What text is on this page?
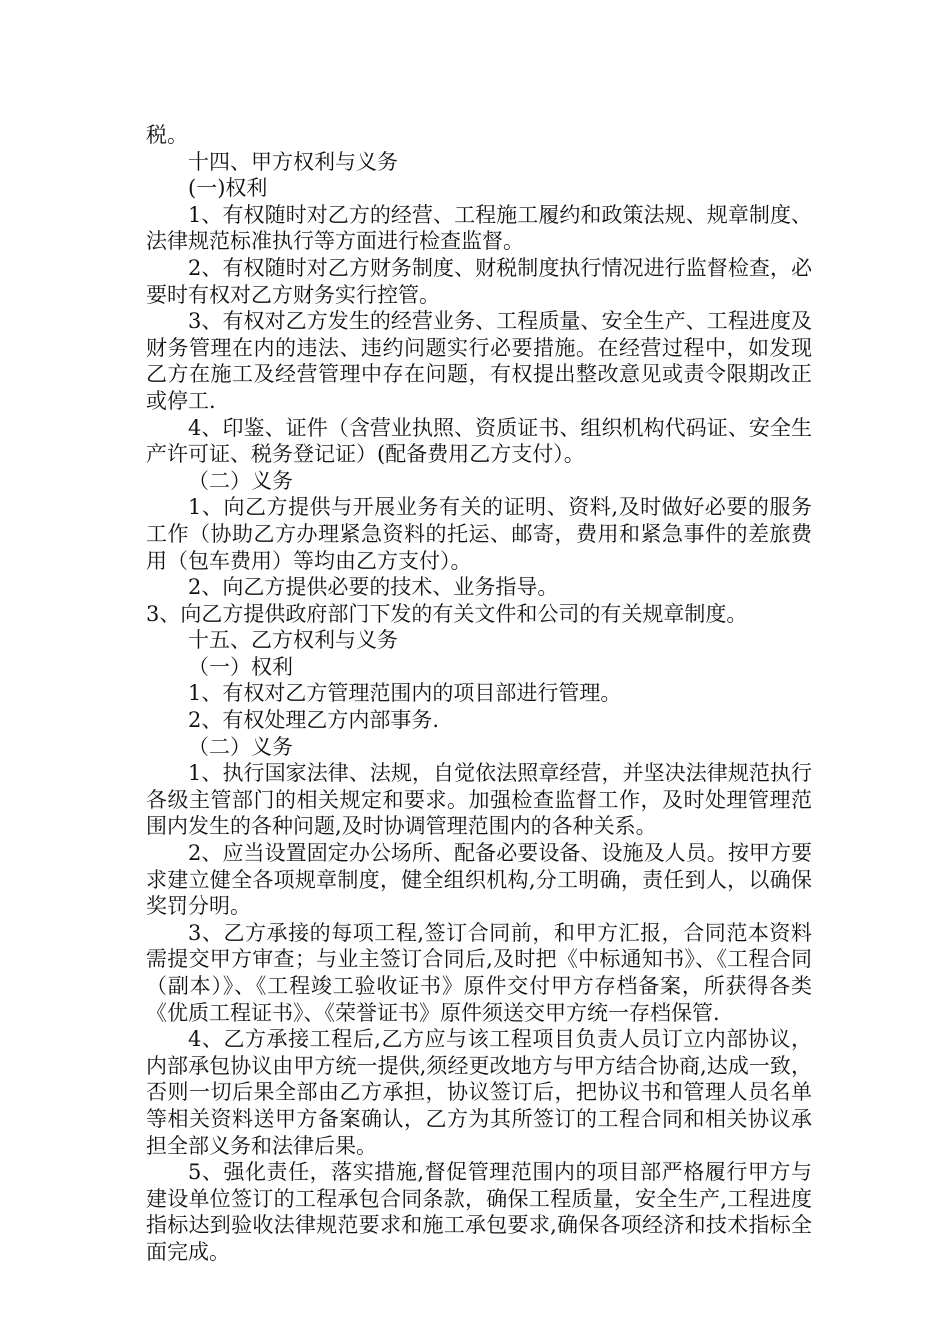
税。

十四、甲方权利与义务

(一)权利

1、有权随时对乙方的经营、工程施工履约和政策法规、规章制度、法律规范标准执行等方面进行检查监督。

2、有权随时对乙方财务制度、财税制度执行情况进行监督检查，必要时有权对乙方财务实行控管。

3、有权对乙方发生的经营业务、工程质量、安全生产、工程进度及财务管理在内的违法、违约问题实行必要措施。在经营过程中，如发现乙方在施工及经营管理中存在问题，有权提出整改意见或责令限期改正或停工.

4、印鉴、证件（含营业执照、资质证书、组织机构代码证、安全生产许可证、税务登记证）(配备费用乙方支付）。

（二）义务

1、向乙方提供与开展业务有关的证明、资料,及时做好必要的服务工作（协助乙方办理紧急资料的托运、邮寄，费用和紧急事件的差旅费用（包车费用）等均由乙方支付）。

2、向乙方提供必要的技术、业务指导。

3、向乙方提供政府部门下发的有关文件和公司的有关规章制度。

十五、乙方权利与义务

（一）权利

1、有权对乙方管理范围内的项目部进行管理。

2、有权处理乙方内部事务.

（二）义务

1、执行国家法律、法规，自觉依法照章经营，并坚决法律规范执行各级主管部门的相关规定和要求。加强检查监督工作，及时处理管理范围内发生的各种问题,及时协调管理范围内的各种关系。

2、应当设置固定办公场所、配备必要设备、设施及人员。按甲方要求建立健全各项规章制度，健全组织机构,分工明确，责任到人，以确保奖罚分明。

3、乙方承接的每项工程,签订合同前，和甲方汇报，合同范本资料需提交甲方审查；与业主签订合同后,及时把《中标通知书》、《工程合同（副本）》、《工程竣工验收证书》原件交付甲方存档备案，所获得各类《优质工程证书》、《荣誉证书》原件须送交甲方统一存档保管.

4、乙方承接工程后,乙方应与该工程项目负责人员订立内部协议，内部承包协议由甲方统一提供,须经更改地方与甲方结合协商,达成一致，否则一切后果全部由乙方承担，协议签订后，把协议书和管理人员名单等相关资料送甲方备案确认，乙方为其所签订的工程合同和相关协议承担全部义务和法律后果。

5、强化责任，落实措施,督促管理范围内的项目部严格履行甲方与建设单位签订的工程承包合同条款，确保工程质量，安全生产,工程进度指标达到验收法律规范要求和施工承包要求,确保各项经济和技术指标全面完成。
